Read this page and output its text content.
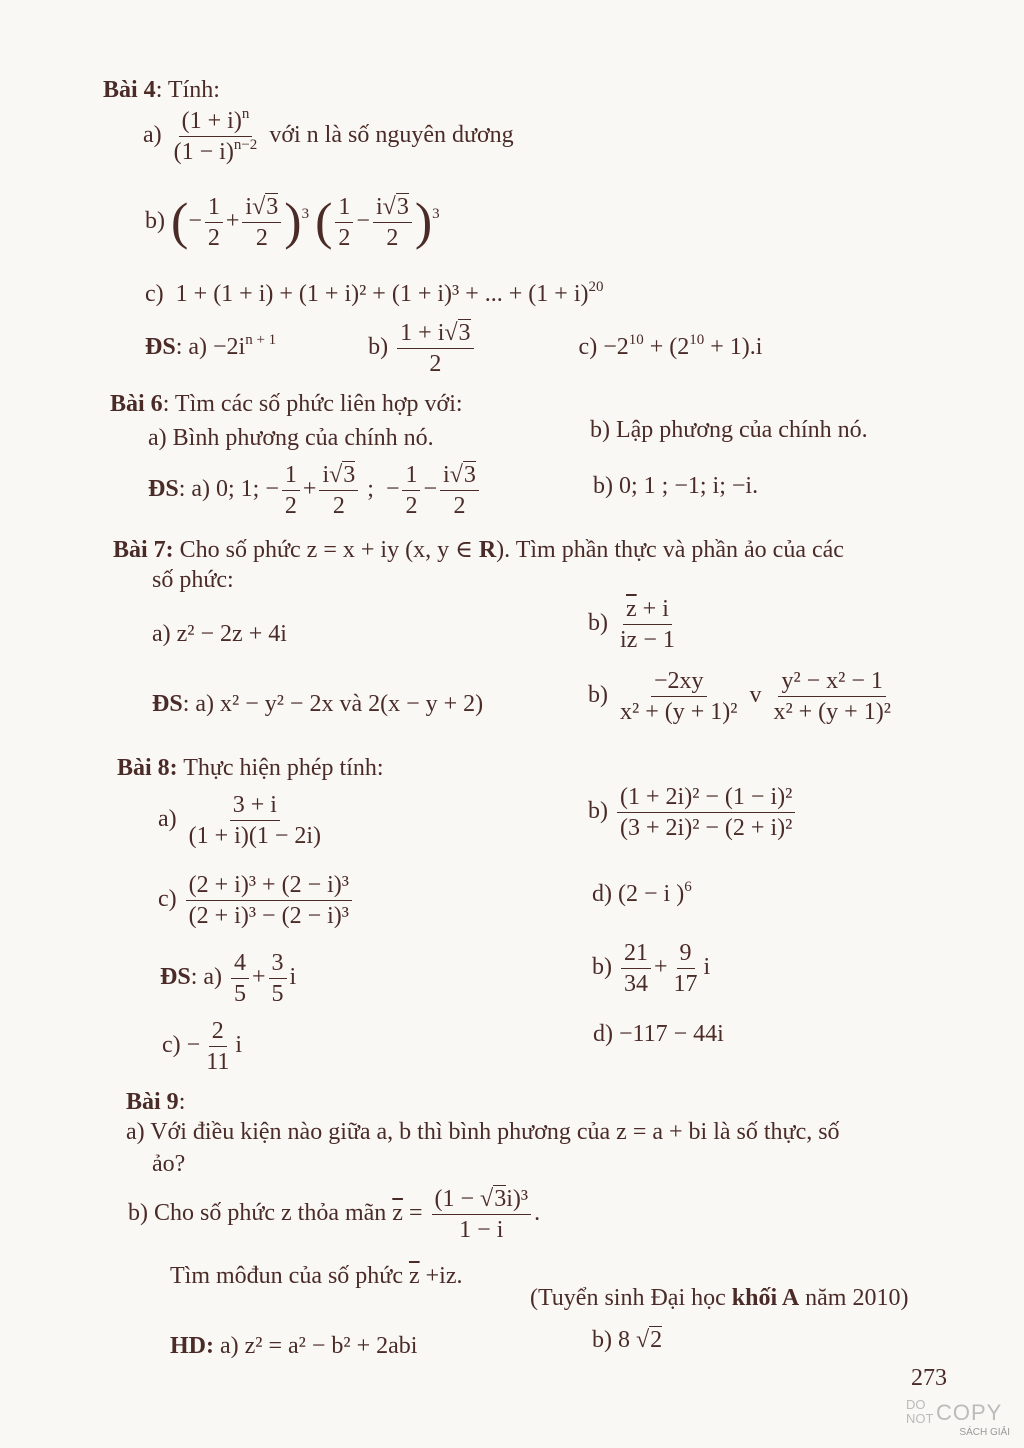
Bài 4: Tính:
$a) \frac{(1 + i)^n}{(1 - i)^{n-2}}$ với n là số nguyên dương
b) (− $\frac{1}{2} + \frac{i√3}{2} )^3$ ( $\frac{1}{2} - \frac{i√3}{2} )^3$
c) 1 + (1 + i) + (1 + i)² + (1 + i)³ + ... + $(1 + i)^{20}$
ĐS: $a) -2i^{n + 1}$	$b) \frac{1 + i√3}{2}$	$c) -2^{10} + (2^{10} + 1).i$
Bài 6: Tìm các số phức liên hợp với:
a) Bình phương của chính nó.	b) Lập phương của chính nó.
ĐS: a) 0; 1; − $\frac{1}{2} + \frac{i√3}{2}$ ;  − $\frac{1}{2} - \frac{i√3}{2}$	b) 0; 1 ; −1; i; −i.
Bài 7: Cho số phức z = x + iy (x, y ∈ R). Tìm phần thực và phần ảo của các
số phức:
a) z² − 2z + 4i	$b) \frac{\overline{z} + i}{iz - 1}$
ĐS: a) x² − y² − 2x và 2(x − y + 2)	$b) \frac{-2xy}{\text{x² + (y + 1)²}}$ v $\frac{\text{y² − x² − 1}}{\text{x² + (y + 1)²}}$
Bài 8: Thực hiện phép tính:
$a) \frac{3 + i}{(1 + i)(1 - 2i)}$	$b) \frac{\text{(1 + 2i)² − (1 − i)²}}{\text{(3 + 2i)² − (2 + i)²}}$
$c) \frac{\text{(2 + i)³ + (2 − i)³}}{\text{(2 + i)³ − (2 − i)³}}$	d) (2 − i )$^6$
ĐS: $a) \frac{4}{5} + \frac{3}{5}$ i	$b) \frac{21}{34} + \frac{9}{17}$ i
$c) - \frac{2}{11}$ i	d) −117 − 44i
Bài 9:
a) Với điều kiện nào giữa a, b thì bình phương của z = a + bi là số thực, số
ảo?
b) Cho số phức z thỏa mãn $\overline{z} = \frac{\text{(1 − √3i)³}}{1 - i}$ .
Tìm môđun của số phức $\overline{z} +iz$.
(Tuyển sinh Đại học khối A năm 2010)
HD: a) z² = a² − b² + 2abi	b) 8 √2
273
DO
NOT COPY
SÁCH GIẢI
